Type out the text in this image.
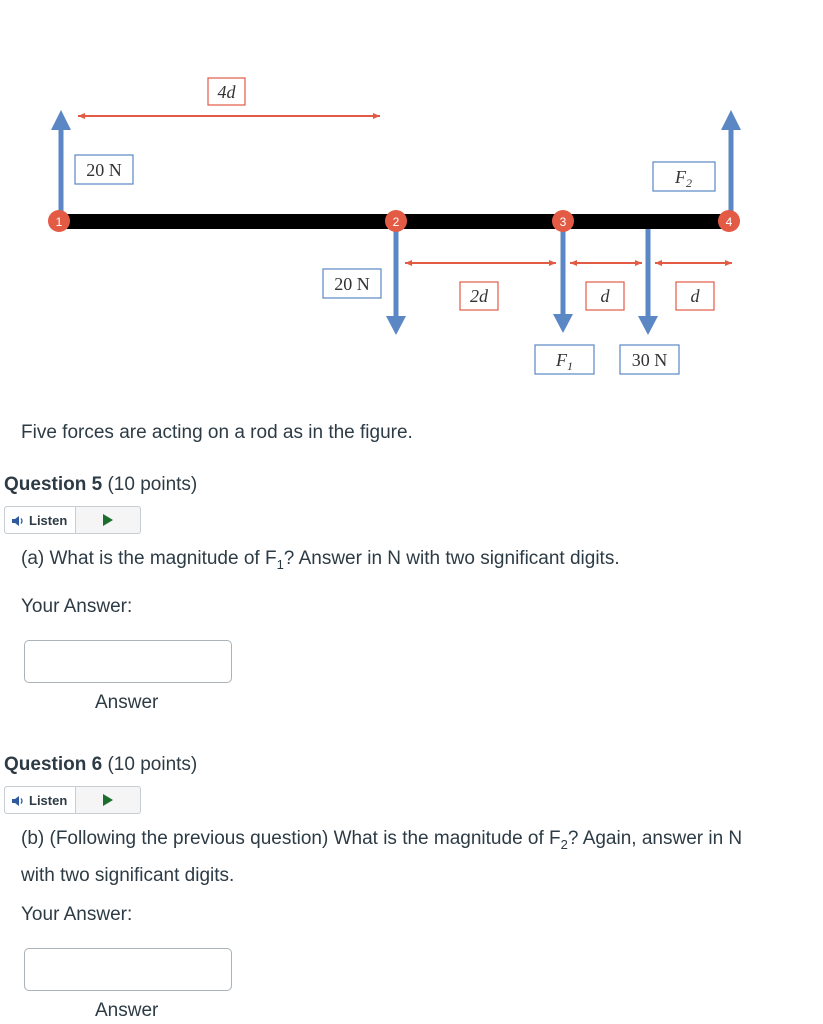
4d
20 N	$F_2$
20 N
$F_1$	30 N
2d	d	d
1	2	3	4
Five forces are acting on a rod as in the figure.
Question 5 (10 points)
Listen
(a) What is the magnitude of $F_1$? Answer in N with two significant digits.
Your Answer:
Answer
Question 6 (10 points)
Listen
(b) (Following the previous question) What is the magnitude of $F_2$? Again, answer in N with two significant digits.
Your Answer:
Answer
